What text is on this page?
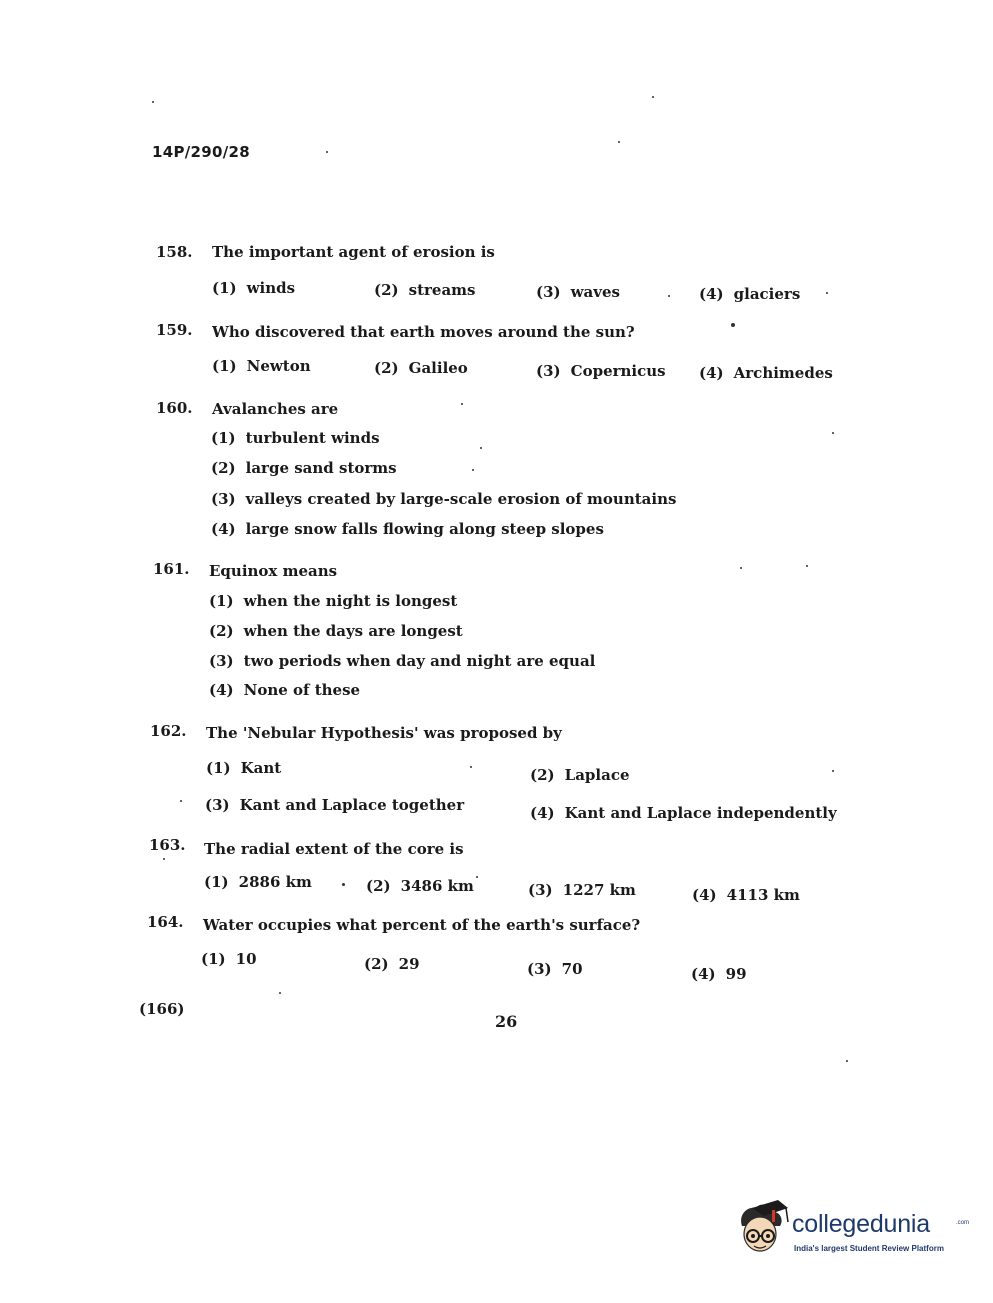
14P/290/28
158. The important agent of erosion is
(1) winds	(2) streams	(3) waves	(4) glaciers
159. Who discovered that earth moves around the sun?
(1) Newton	(2) Galileo	(3) Copernicus (4) Archimedes
160. Avalanches are
(1) turbulent winds
(2) large sand storms
(3) valleys created by large-scale erosion of mountains
(4) large snow falls flowing along steep slopes
161. Equinox means
(1) when the night is longest
(2) when the days are longest
(3) two periods when day and night are equal
(4) None of these
162. The 'Nebular Hypothesis' was proposed by
(1) Kant	(2) Laplace
(3) Kant and Laplace together	(4) Kant and Laplace independently
163. The radial extent of the core is
(1) 2886 km	(2) 3486 km	(3) 1227 km	(4) 4113 km
164. Water occupies what percent of the earth's surface?
(1) 10	(2) 29	(3) 70	(4) 99
(166)
26
collegedunia	.com
India's largest Student Review Platform
